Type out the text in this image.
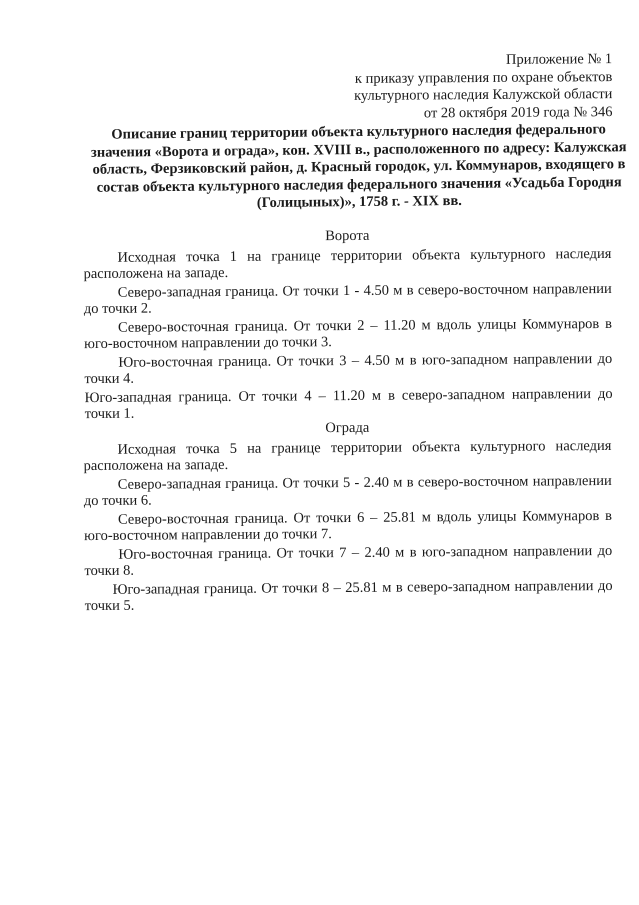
Приложение № 1
к приказу управления по охране объектов
культурного наследия Калужской области
от 28 октября 2019 года № 346
Описание границ территории объекта культурного наследия федерального значения «Ворота и ограда», кон. XVIII в., расположенного по адресу: Калужская область, Ферзиковский район, д. Красный городок, ул. Коммунаров, входящего в состав объекта культурного наследия федерального значения «Усадьба Городня (Голицыных)», 1758 г. - XIX вв.
Ворота

Исходная точка 1 на границе территории объекта культурного наследия расположена на западе.

Северо-западная граница. От точки 1 - 4.50 м в северо-восточном направлении до точки 2.

Северо-восточная граница. От точки 2 – 11.20 м вдоль улицы Коммунаров в юго-восточном направлении до точки 3.

Юго-восточная граница. От точки 3 – 4.50 м в юго-западном направлении до точки 4.

Юго-западная граница. От точки 4 – 11.20 м в северо-западном направлении до точки 1.

Ограда

Исходная точка 5 на границе территории объекта культурного наследия расположена на западе.

Северо-западная граница. От точки 5 - 2.40 м в северо-восточном направлении до точки 6.

Северо-восточная граница. От точки 6 – 25.81 м вдоль улицы Коммунаров в юго-восточном направлении до точки 7.

Юго-восточная граница. От точки 7 – 2.40 м в юго-западном направлении до точки 8.

Юго-западная граница. От точки 8 – 25.81 м в северо-западном направлении до точки 5.
